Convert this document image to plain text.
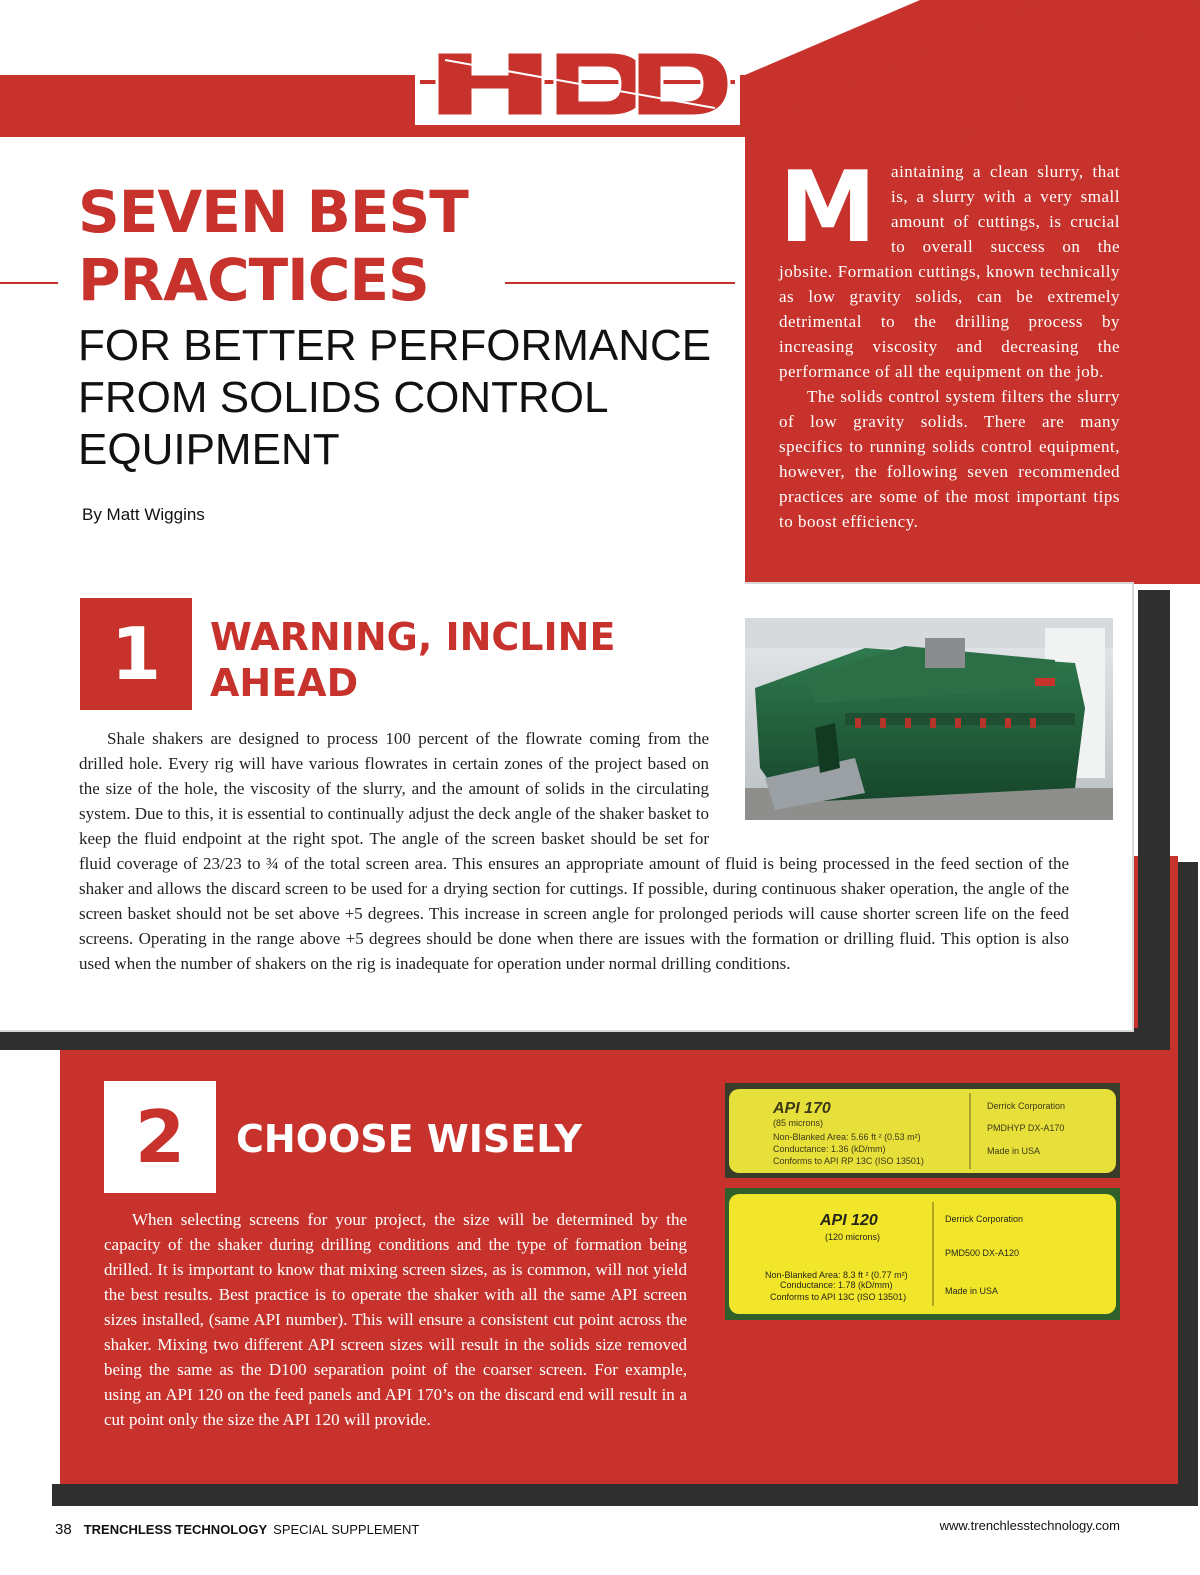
SEVEN BEST
PRACTICES
FOR BETTER PERFORMANCE
FROM SOLIDS CONTROL
EQUIPMENT
By Matt Wiggins

Maintaining a clean slurry, that is, a slurry with a very small amount of cuttings, is crucial to overall success on the jobsite. Formation cuttings, known technically as low gravity solids, can be extremely detrimental to the drilling process by increasing viscosity and decreasing the performance of all the equipment on the job.

The solids control system filters the slurry of low gravity solids. There are many specifics to running solids control equipment, however, the following seven recommended practices are some of the most important tips to boost efficiency.

1	WARNING, INCLINE
AHEAD

Shale shakers are designed to process 100 percent of the flowrate coming from the drilled hole. Every rig will have various flowrates in certain zones of the project based on the size of the hole, the viscosity of the slurry, and the amount of solids in the circulating system. Due to this, it is essential to continually adjust the deck angle of the shaker basket to keep the fluid endpoint at the right spot. The angle of the screen basket should be set for fluid coverage of 23/23 to ¾ of the total screen area. This ensures an appropriate amount of fluid is being processed in the feed section of the shaker and allows the discard screen to be used for a drying section for cuttings. If possible, during continuous shaker operation, the angle of the screen basket should not be set above +5 degrees. This increase in screen angle for prolonged periods will cause shorter screen life on the feed screens. Operating in the range above +5 degrees should be done when there are issues with the formation or drilling fluid. This option is also used when the number of shakers on the rig is inadequate for operation under normal drilling conditions.

2	CHOOSE WISELY

When selecting screens for your project, the size will be determined by the capacity of the shaker during drilling conditions and the type of formation being drilled. It is important to know that mixing screen sizes, as is common, will not yield the best results. Best practice is to operate the shaker with all the same API screen sizes installed, (same API number). This will ensure a consistent cut point across the shaker. Mixing two different API screen sizes will result in the solids size removed being the same as the D100 separation point of the coarser screen. For example, using an API 120 on the feed panels and API 170’s on the discard end will result in a cut point only the size the API 120 will provide.

API 170
(85 microns)
Non-Blanked Area: 5.66 ft ² (0.53 m²)
Conductance: 1.36 (kD/mm)
Conforms to API RP 13C (ISO 13501)
Derrick Corporation
PMDHYP DX-A170
Made in USA
API 120
(120 microns)
Non-Blanked Area: 8.3 ft ² (0.77 m²)
Conductance: 1.78 (kD/mm)
Conforms to API 13C (ISO 13501)
Derrick Corporation
PMD500 DX-A120
Made in USA
38 TRENCHLESS TECHNOLOGY SPECIAL SUPPLEMENT	www.trenchlesstechnology.com
